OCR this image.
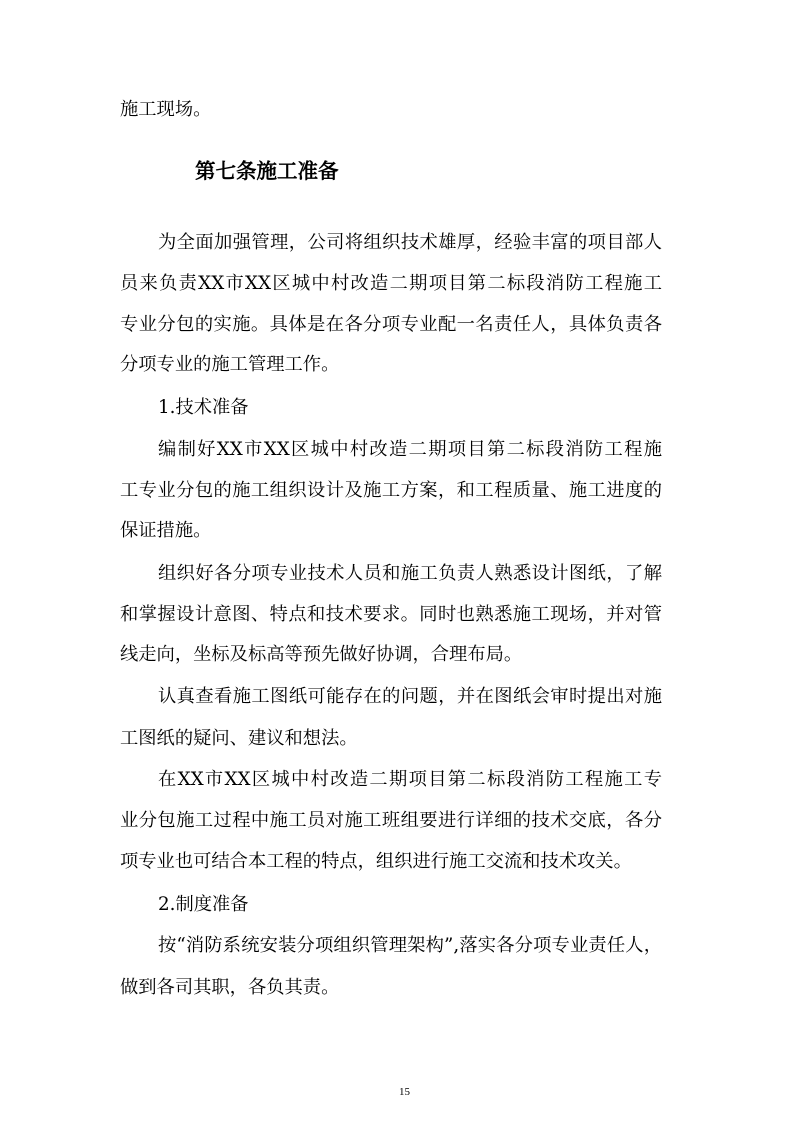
施工现场。
第七条施工准备
为全面加强管理，公司将组织技术雄厚，经验丰富的项目部人
员来负责XX市XX区城中村改造二期项目第二标段消防工程施工
专业分包的实施。具体是在各分项专业配一名责任人，具体负责各
分项专业的施工管理工作。
1.技术准备
编制好XX市XX区城中村改造二期项目第二标段消防工程施
工专业分包的施工组织设计及施工方案，和工程质量、施工进度的
保证措施。
组织好各分项专业技术人员和施工负责人熟悉设计图纸，了解
和掌握设计意图、特点和技术要求。同时也熟悉施工现场，并对管
线走向，坐标及标高等预先做好协调，合理布局。
认真查看施工图纸可能存在的问题，并在图纸会审时提出对施
工图纸的疑问、建议和想法。
在XX市XX区城中村改造二期项目第二标段消防工程施工专
业分包施工过程中施工员对施工班组要进行详细的技术交底，各分
项专业也可结合本工程的特点，组织进行施工交流和技术攻关。
2.制度准备
按“消防系统安装分项组织管理架构”,落实各分项专业责任人，
做到各司其职，各负其责。
15
